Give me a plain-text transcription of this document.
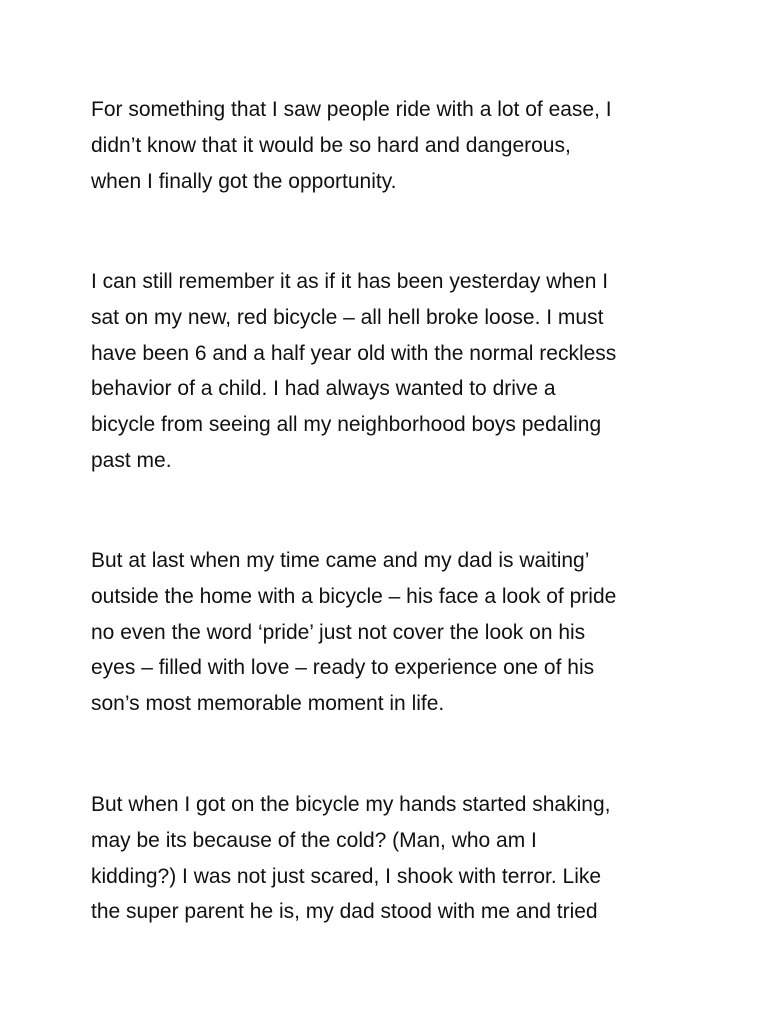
For something that I saw people ride with a lot of ease, I
didn’t know that it would be so hard and dangerous,
when I finally got the opportunity.

I can still remember it as if it has been yesterday when I
sat on my new, red bicycle – all hell broke loose. I must
have been 6 and a half year old with the normal reckless
behavior of a child. I had always wanted to drive a
bicycle from seeing all my neighborhood boys pedaling
past me.

But at last when my time came and my dad is waiting’
outside the home with a bicycle – his face a look of pride
no even the word ‘pride’ just not cover the look on his
eyes – filled with love – ready to experience one of his
son’s most memorable moment in life.

But when I got on the bicycle my hands started shaking,
may be its because of the cold? (Man, who am I
kidding?) I was not just scared, I shook with terror. Like
the super parent he is, my dad stood with me and tried
